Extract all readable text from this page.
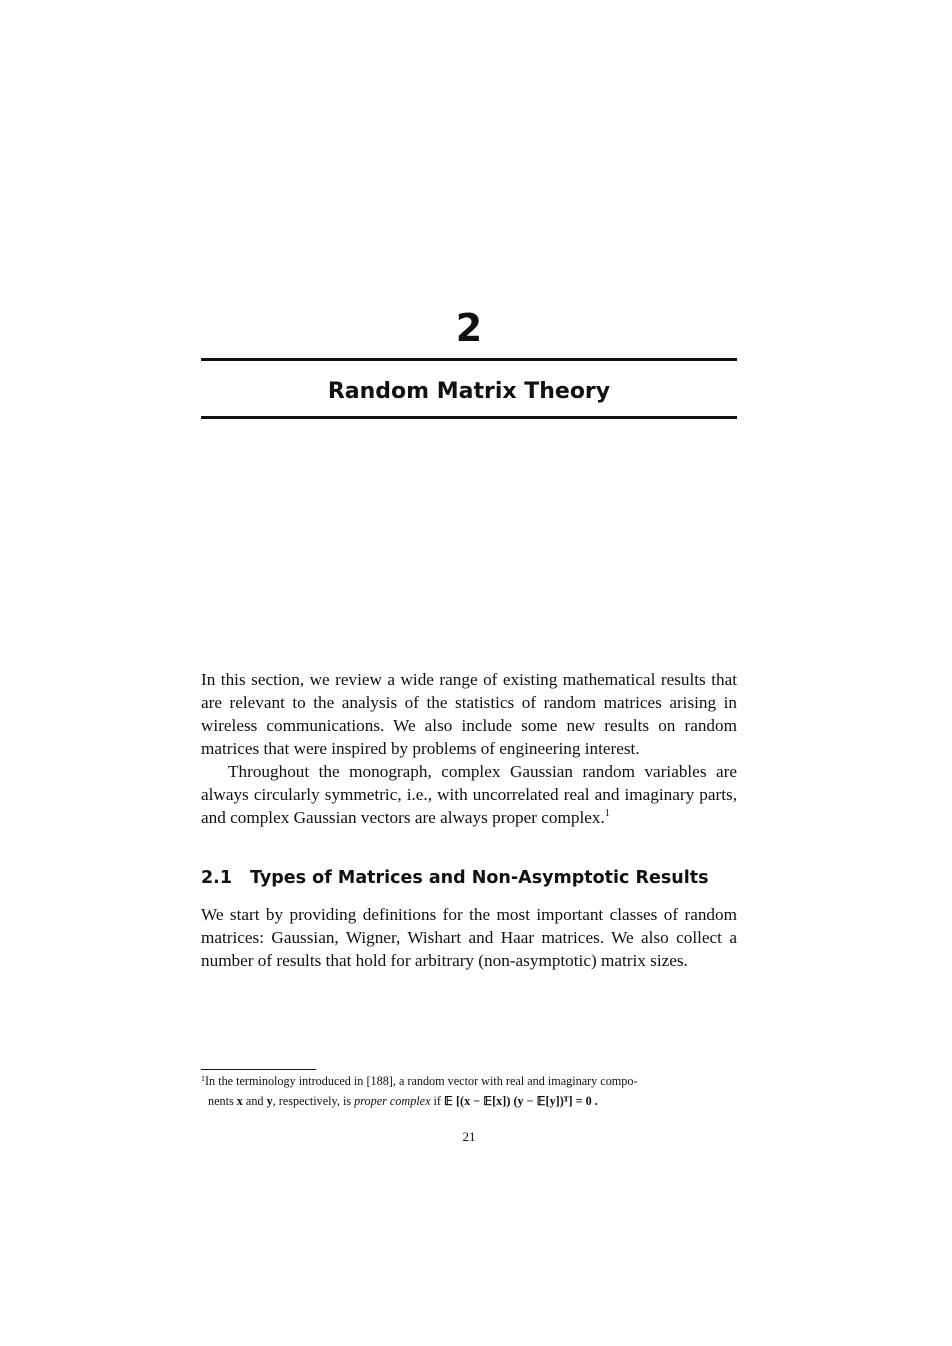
2
Random Matrix Theory

In this section, we review a wide range of existing mathematical results that are relevant to the analysis of the statistics of random matrices arising in wireless communications. We also include some new results on random matrices that were inspired by problems of engineering interest.

Throughout the monograph, complex Gaussian random variables are always circularly symmetric, i.e., with uncorrelated real and imaginary parts, and complex Gaussian vectors are always proper complex.$^1$

2.1 Types of Matrices and Non-Asymptotic Results

We start by providing definitions for the most important classes of random matrices: Gaussian, Wigner, Wishart and Haar matrices. We also collect a number of results that hold for arbitrary (non-asymptotic) matrix sizes.

$^1$In the terminology introduced in [188], a random vector with real and imaginary compo-
nents x and y, respectively, is proper complex if 𝔼 [(x − 𝔼[x]) (y − 𝔼[y])ᵀ] = 0 .
21
